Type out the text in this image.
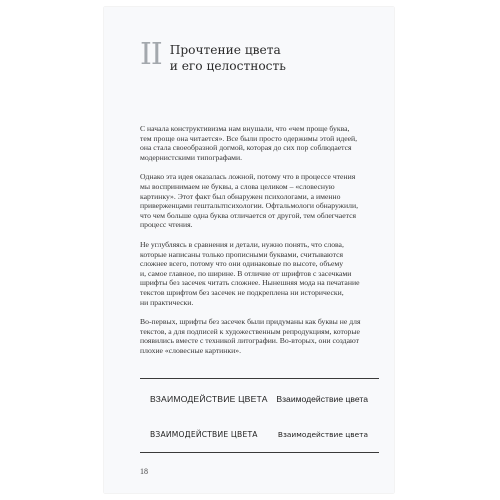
II Прочтение цвета
и его целостность
С начала конструктивизма нам внушали, что «чем проще буква,
тем проще она читается». Все были просто одержимы этой идеей,
она стала своеобразной догмой, которая до сих пор соблюдается
модернистскими типографами.
Однако эта идея оказалась ложной, потому что в процессе чтения
мы воспринимаем не буквы, а слова целиком – «словесную
картинку». Этот факт был обнаружен психологами, а именно
приверженцами гештальтпсихологии. Офтальмологи обнаружили,
что чем больше одна буква отличается от другой, тем облегчается
процесс чтения.
Не углубляясь в сравнения и детали, нужно понять, что слова,
которые написаны только прописными буквами, считываются
сложнее всего, потому что они одинаковые по высоте, объему
и, самое главное, по ширине. В отличие от шрифтов с засечками
шрифты без засечек читать сложнее. Нынешняя мода на печатание
текстов шрифтом без засечек не подкреплена ни исторически,
ни практически.
Во-первых, шрифты без засечек были придуманы как буквы не для
текстов, а для подписей к художественным репродукциям, которые
появились вместе с техникой литографии. Во-вторых, они создают
плохие «словесные картинки».
ВЗАИМОДЕЙСТВИЕ ЦВЕТА Взаимодействие цвета
ВЗАИМОДЕЙСТВИЕ ЦВЕТА	Взаимодействие цвета
18
